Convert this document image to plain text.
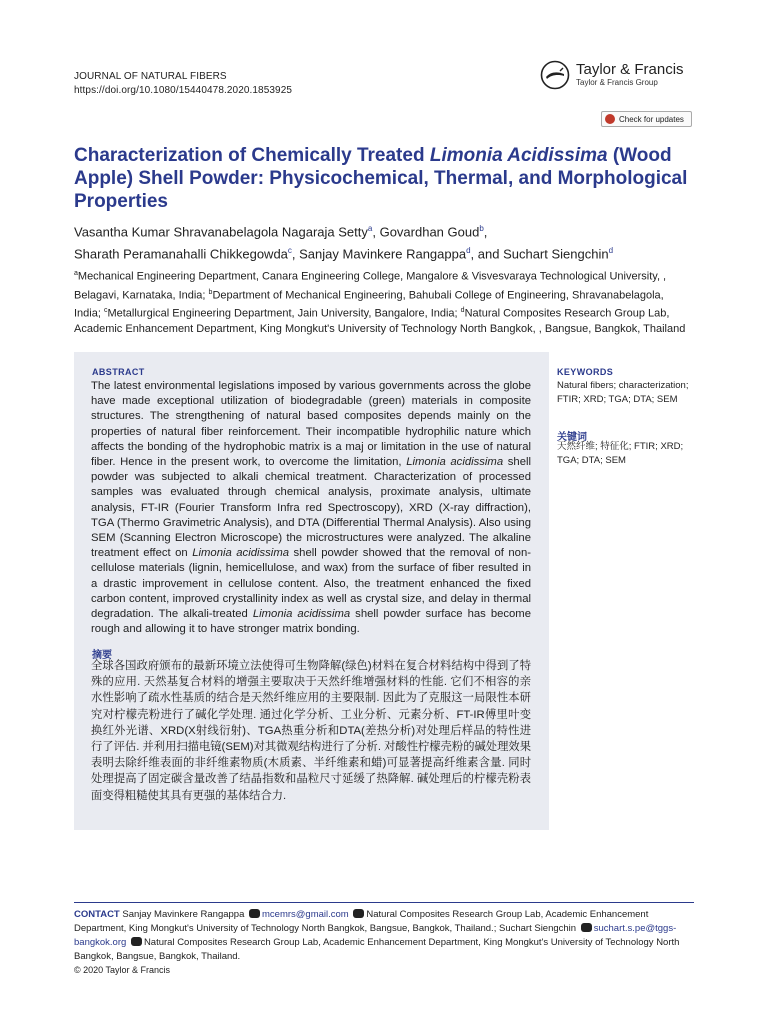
JOURNAL OF NATURAL FIBERS
https://doi.org/10.1080/15440478.2020.1853925
Taylor & Francis
Taylor & Francis Group
Check for updates
Characterization of Chemically Treated Limonia Acidissima (Wood Apple) Shell Powder: Physicochemical, Thermal, and Morphological Properties
Vasantha Kumar Shravanabelagola Nagaraja Setty$^a$, Govardhan Goud$^b$,
Sharath Peramanahalli Chikkegowda$^c$, Sanjay Mavinkere Rangappa$^d$, and Suchart Siengchin$^d$
$^a$Mechanical Engineering Department, Canara Engineering College, Mangalore & Visvesvaraya Technological University, , Belagavi, Karnataka, India; $^b$Department of Mechanical Engineering, Bahubali College of Engineering, Shravanabelagola, India; $^c$Metallurgical Engineering Department, Jain University, Bangalore, India; $^d$Natural Composites Research Group Lab, Academic Enhancement Department, King Mongkut's University of Technology North Bangkok, , Bangsue, Bangkok, Thailand
ABSTRACT
The latest environmental legislations imposed by various governments across the globe have made exceptional utilization of biodegradable (green) materials in composite structures. The strengthening of natural based composites depends mainly on the properties of natural fiber reinforcement. Their incompatible hydrophilic nature which affects the bonding of the hydrophobic matrix is a maj or limitation in the use of natural fiber. Hence in the present work, to overcome the limitation, Limonia acidissima shell powder was subjected to alkali chemical treatment. Characterization of processed samples was evaluated through chemical analysis, proximate analysis, ultimate analysis, FT-IR (Fourier Transform Infra red Spectroscopy), XRD (X-ray diffraction), TGA (Thermo Gravimetric Analysis), and DTA (Differential Thermal Analysis). Also using SEM (Scanning Electron Microscope) the microstructures were analyzed. The alkaline treatment effect on Limonia acidissima shell powder showed that the removal of non-cellulose materials (lignin, hemicellulose, and wax) from the surface of fiber resulted in a drastic improvement in cellulose content. Also, the treatment enhanced the fixed carbon content, improved crystallinity index as well as crystal size, and delay in thermal degradation. The alkali-treated Limonia acidissima shell powder surface has become rough and allowing it to have stronger matrix bonding.
摘要
全球各国政府颁布的最新环境立法使得可生物降解(绿色)材料在复合材料结构中得到了特殊的应用. 天然基复合材料的增强主要取决于天然纤维增强材料的性能. 它们不相容的亲水性影响了疏水性基质的结合是天然纤维应用的主要限制. 因此为了克服这一局限性本研究对柠檬壳粉进行了碱化学处理. 通过化学分析、工业分析、元素分析、FT-IR傅里叶变换红外光谱、XRD(X射线衍射)、TGA热重分析和DTA(差热分析)对处理后样品的特性进行了评估. 并利用扫描电镜(SEM)对其微观结构进行了分析. 对酸性柠檬壳粉的碱处理效果表明去除纤维表面的非纤维素物质(木质素、半纤维素和蜡)可显著提高纤维素含量. 同时处理提高了固定碳含量改善了结晶指数和晶粒尺寸延缓了热降解. 碱处理后的柠檬壳粉表面变得粗糙使其具有更强的基体结合力.
KEYWORDS
Natural fibers; characterization; FTIR; XRD; TGA; DTA; SEM
关键词
天然纤维; 特征化; FTIR; XRD; TGA; DTA; SEM
CONTACT Sanjay Mavinkere Rangappa mcemrs@gmail.com Natural Composites Research Group Lab, Academic Enhancement Department, King Mongkut's University of Technology North Bangkok, Bangsue, Bangkok, Thailand.; Suchart Siengchin suchart.s.pe@tggs-bangkok.org Natural Composites Research Group Lab, Academic Enhancement Department, King Mongkut's University of Technology North Bangkok, Bangsue, Bangkok, Thailand.
© 2020 Taylor & Francis
